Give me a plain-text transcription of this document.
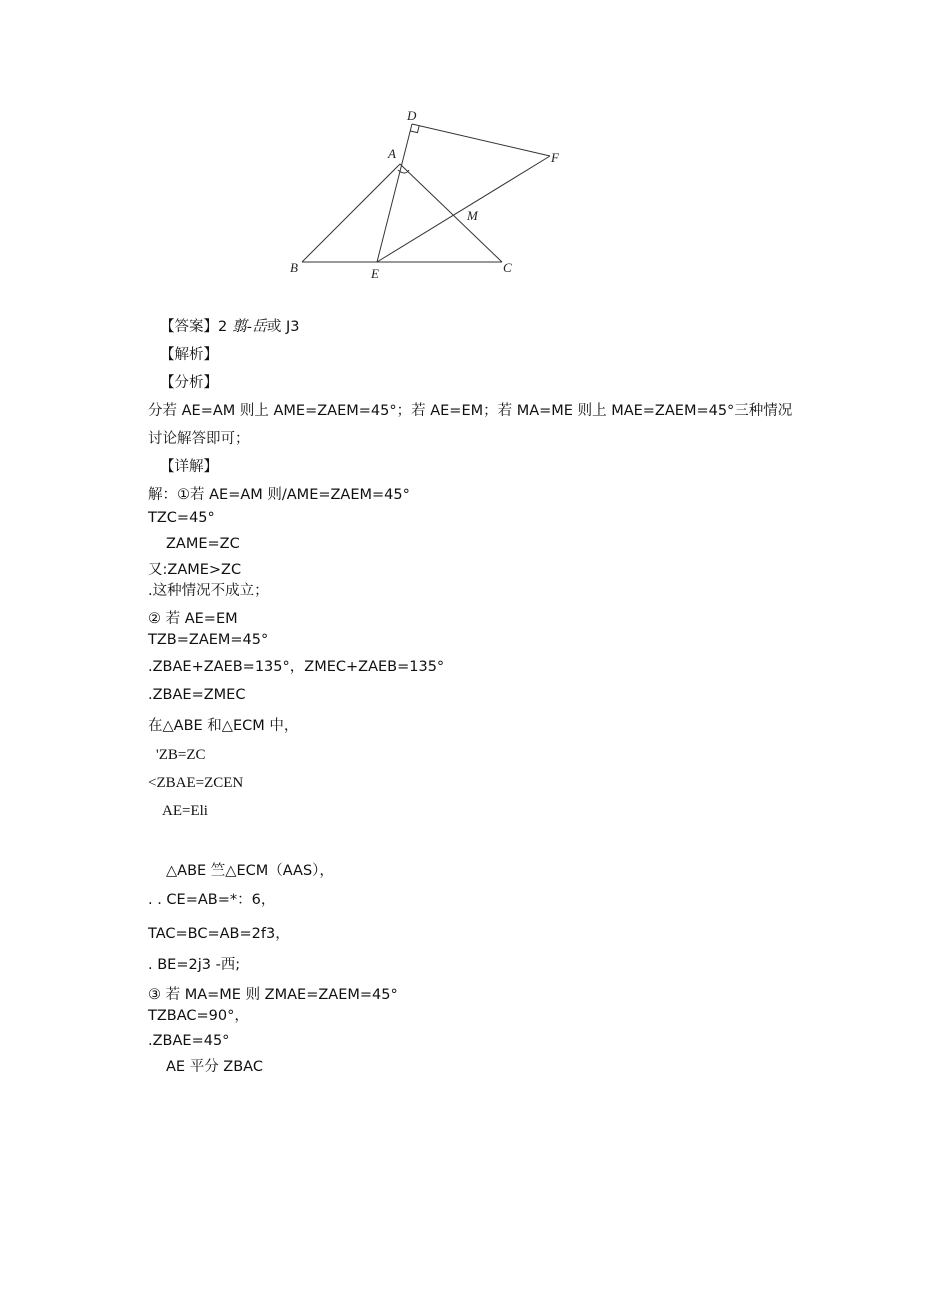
D
A	F
M
B	E	C
【答案】2 翦-岳或 J3
【解析】
【分析】
分若 AE=AM 则上 AME=ZAEM=45°；若 AE=EM；若 MA=ME 则上 MAE=ZAEM=45°三种情况
讨论解答即可；
【详解】
解：①若 AE=AM 则/AME=ZAEM=45°
TZC=45°
ZAME=ZC
又:ZAME>ZC
.这种情况不成立；
② 若 AE=EM
TZB=ZAEM=45°
.ZBAE+ZAEB=135°，ZMEC+ZAEB=135°
.ZBAE=ZMEC
在△ABE 和△ECM 中，
'ZB=ZC
<ZBAE=ZCEN
AE=Eli
△ABE 竺△ECM（AAS），
. . CE=AB=*：6，
TAC=BC=AB=2f3，
. BE=2j3 -西;
③ 若 MA=ME 则 ZMAE=ZAEM=45°
TZBAC=90°，
.ZBAE=45°
AE 平分 ZBAC
